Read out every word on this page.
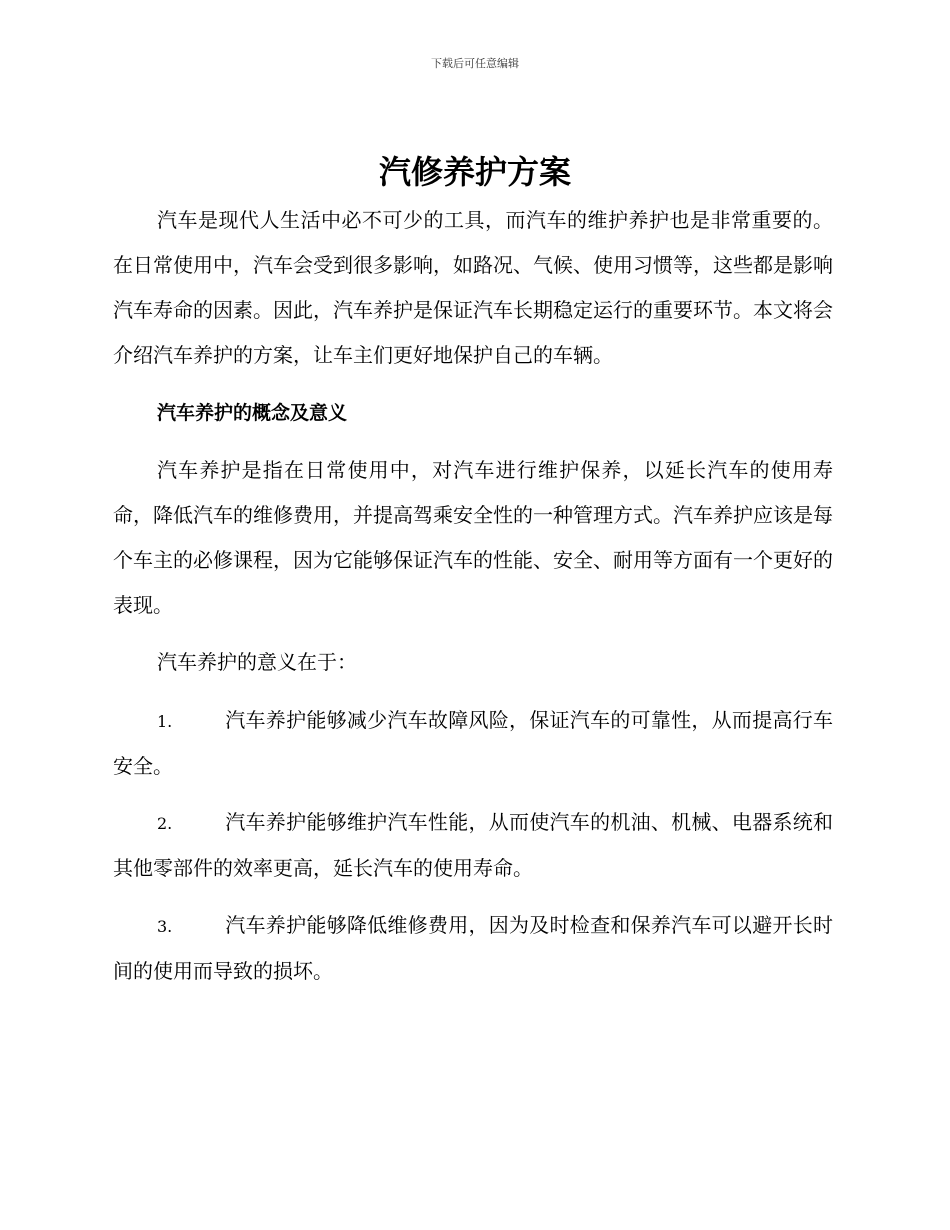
下载后可任意编辑
汽修养护方案

汽车是现代人生活中必不可少的工具，而汽车的维护养护也是非常重要的。在日常使用中，汽车会受到很多影响，如路况、气候、使用习惯等，这些都是影响汽车寿命的因素。因此，汽车养护是保证汽车长期稳定运行的重要环节。本文将会介绍汽车养护的方案，让车主们更好地保护自己的车辆。

汽车养护的概念及意义

汽车养护是指在日常使用中，对汽车进行维护保养，以延长汽车的使用寿命，降低汽车的维修费用，并提高驾乘安全性的一种管理方式。汽车养护应该是每个车主的必修课程，因为它能够保证汽车的性能、安全、耐用等方面有一个更好的表现。

汽车养护的意义在于：

1.	汽车养护能够减少汽车故障风险，保证汽车的可靠性，从而提高行车安全。

2.	汽车养护能够维护汽车性能，从而使汽车的机油、机械、电器系统和其他零部件的效率更高，延长汽车的使用寿命。

3.	汽车养护能够降低维修费用，因为及时检查和保养汽车可以避开长时间的使用而导致的损坏。
